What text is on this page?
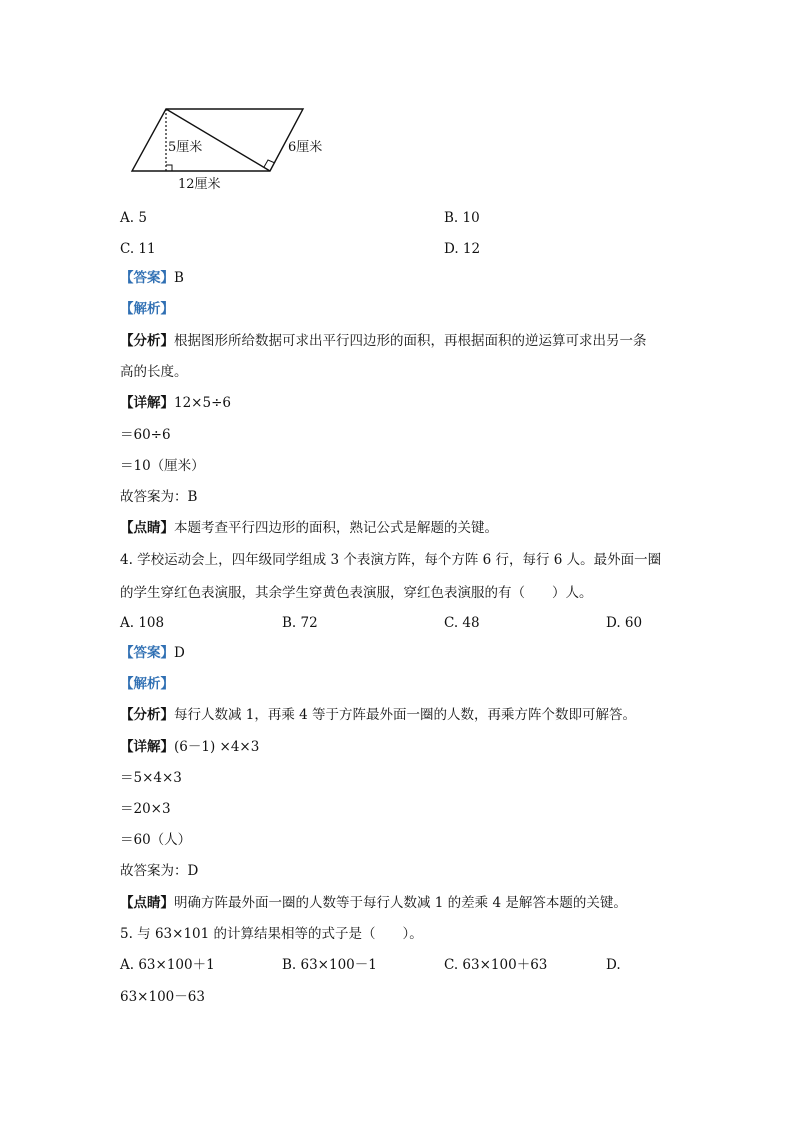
5厘米	6厘米
12厘米
A. 5	B. 10
C. 11	D. 12
【答案】B
【解析】
【分析】根据图形所给数据可求出平行四边形的面积，再根据面积的逆运算可求出另一条
高的长度。
【详解】12×5÷6
＝60÷6
＝10（厘米）
故答案为：B
【点睛】本题考查平行四边形的面积，熟记公式是解题的关键。
4. 学校运动会上，四年级同学组成 3 个表演方阵，每个方阵 6 行，每行 6 人。最外面一圈
的学生穿红色表演服，其余学生穿黄色表演服，穿红色表演服的有（　　）人。
A. 108	B. 72	C. 48	D. 60
【答案】D
【解析】
【分析】每行人数减 1，再乘 4 等于方阵最外面一圈的人数，再乘方阵个数即可解答。
【详解】(6－1) ×4×3
＝5×4×3
＝20×3
＝60（人）
故答案为：D
【点睛】明确方阵最外面一圈的人数等于每行人数减 1 的差乘 4 是解答本题的关键。
5. 与 63×101 的计算结果相等的式子是（　　）。
A. 63×100＋1	B. 63×100－1	C. 63×100＋63	D.
63×100－63
